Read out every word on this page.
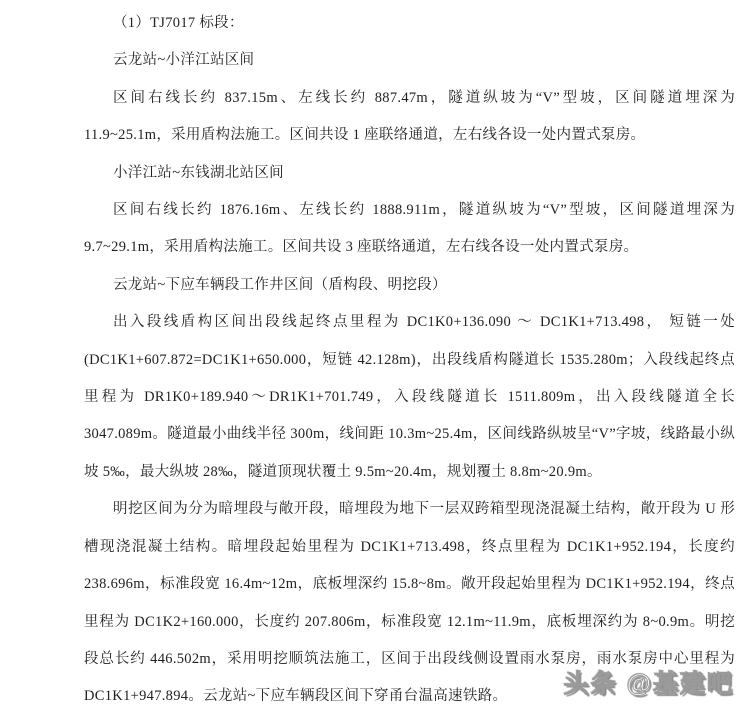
（1）TJ7017 标段：

云龙站~小洋江站区间

区间右线长约 837.15m、左线长约 887.47m，隧道纵坡为“V”型坡，区间隧道埋深为 11.9~25.1m，采用盾构法施工。区间共设 1 座联络通道，左右线各设一处内置式泵房。

小洋江站~东钱湖北站区间

区间右线长约 1876.16m、左线长约 1888.911m，隧道纵坡为“V”型坡，区间隧道埋深为 9.7~29.1m，采用盾构法施工。区间共设 3 座联络通道，左右线各设一处内置式泵房。

云龙站~下应车辆段工作井区间（盾构段、明挖段）

出入段线盾构区间出段线起终点里程为 DC1K0+136.090 ～ DC1K1+713.498， 短链一处 (DC1K1+607.872=DC1K1+650.000，短链 42.128m)，出段线盾构隧道长 1535.280m；入段线起终点里程为 DR1K0+189.940～DR1K1+701.749，入段线隧道长 1511.809m，出入段线隧道全长 3047.089m。隧道最小曲线半径 300m，线间距 10.3m~25.4m，区间线路纵坡呈“V”字坡，线路最小纵坡 5‰，最大纵坡 28‰，隧道顶现状覆土 9.5m~20.4m，规划覆土 8.8m~20.9m。

明挖区间为分为暗埋段与敞开段，暗埋段为地下一层双跨箱型现浇混凝土结构，敞开段为 U 形槽现浇混凝土结构。暗埋段起始里程为 DC1K1+713.498，终点里程为 DC1K1+952.194，长度约 238.696m，标准段宽 16.4m~12m，底板埋深约 15.8~8m。敞开段起始里程为 DC1K1+952.194，终点里程为 DC1K2+160.000，长度约 207.806m，标准段宽 12.1m~11.9m，底板埋深约为 8~0.9m。明挖段总长约 446.502m，采用明挖顺筑法施工，区间于出段线侧设置雨水泵房，雨水泵房中心里程为 DC1K1+947.894。云龙站~下应车辆段区间下穿甬台温高速铁路。	头条 @基建吧
